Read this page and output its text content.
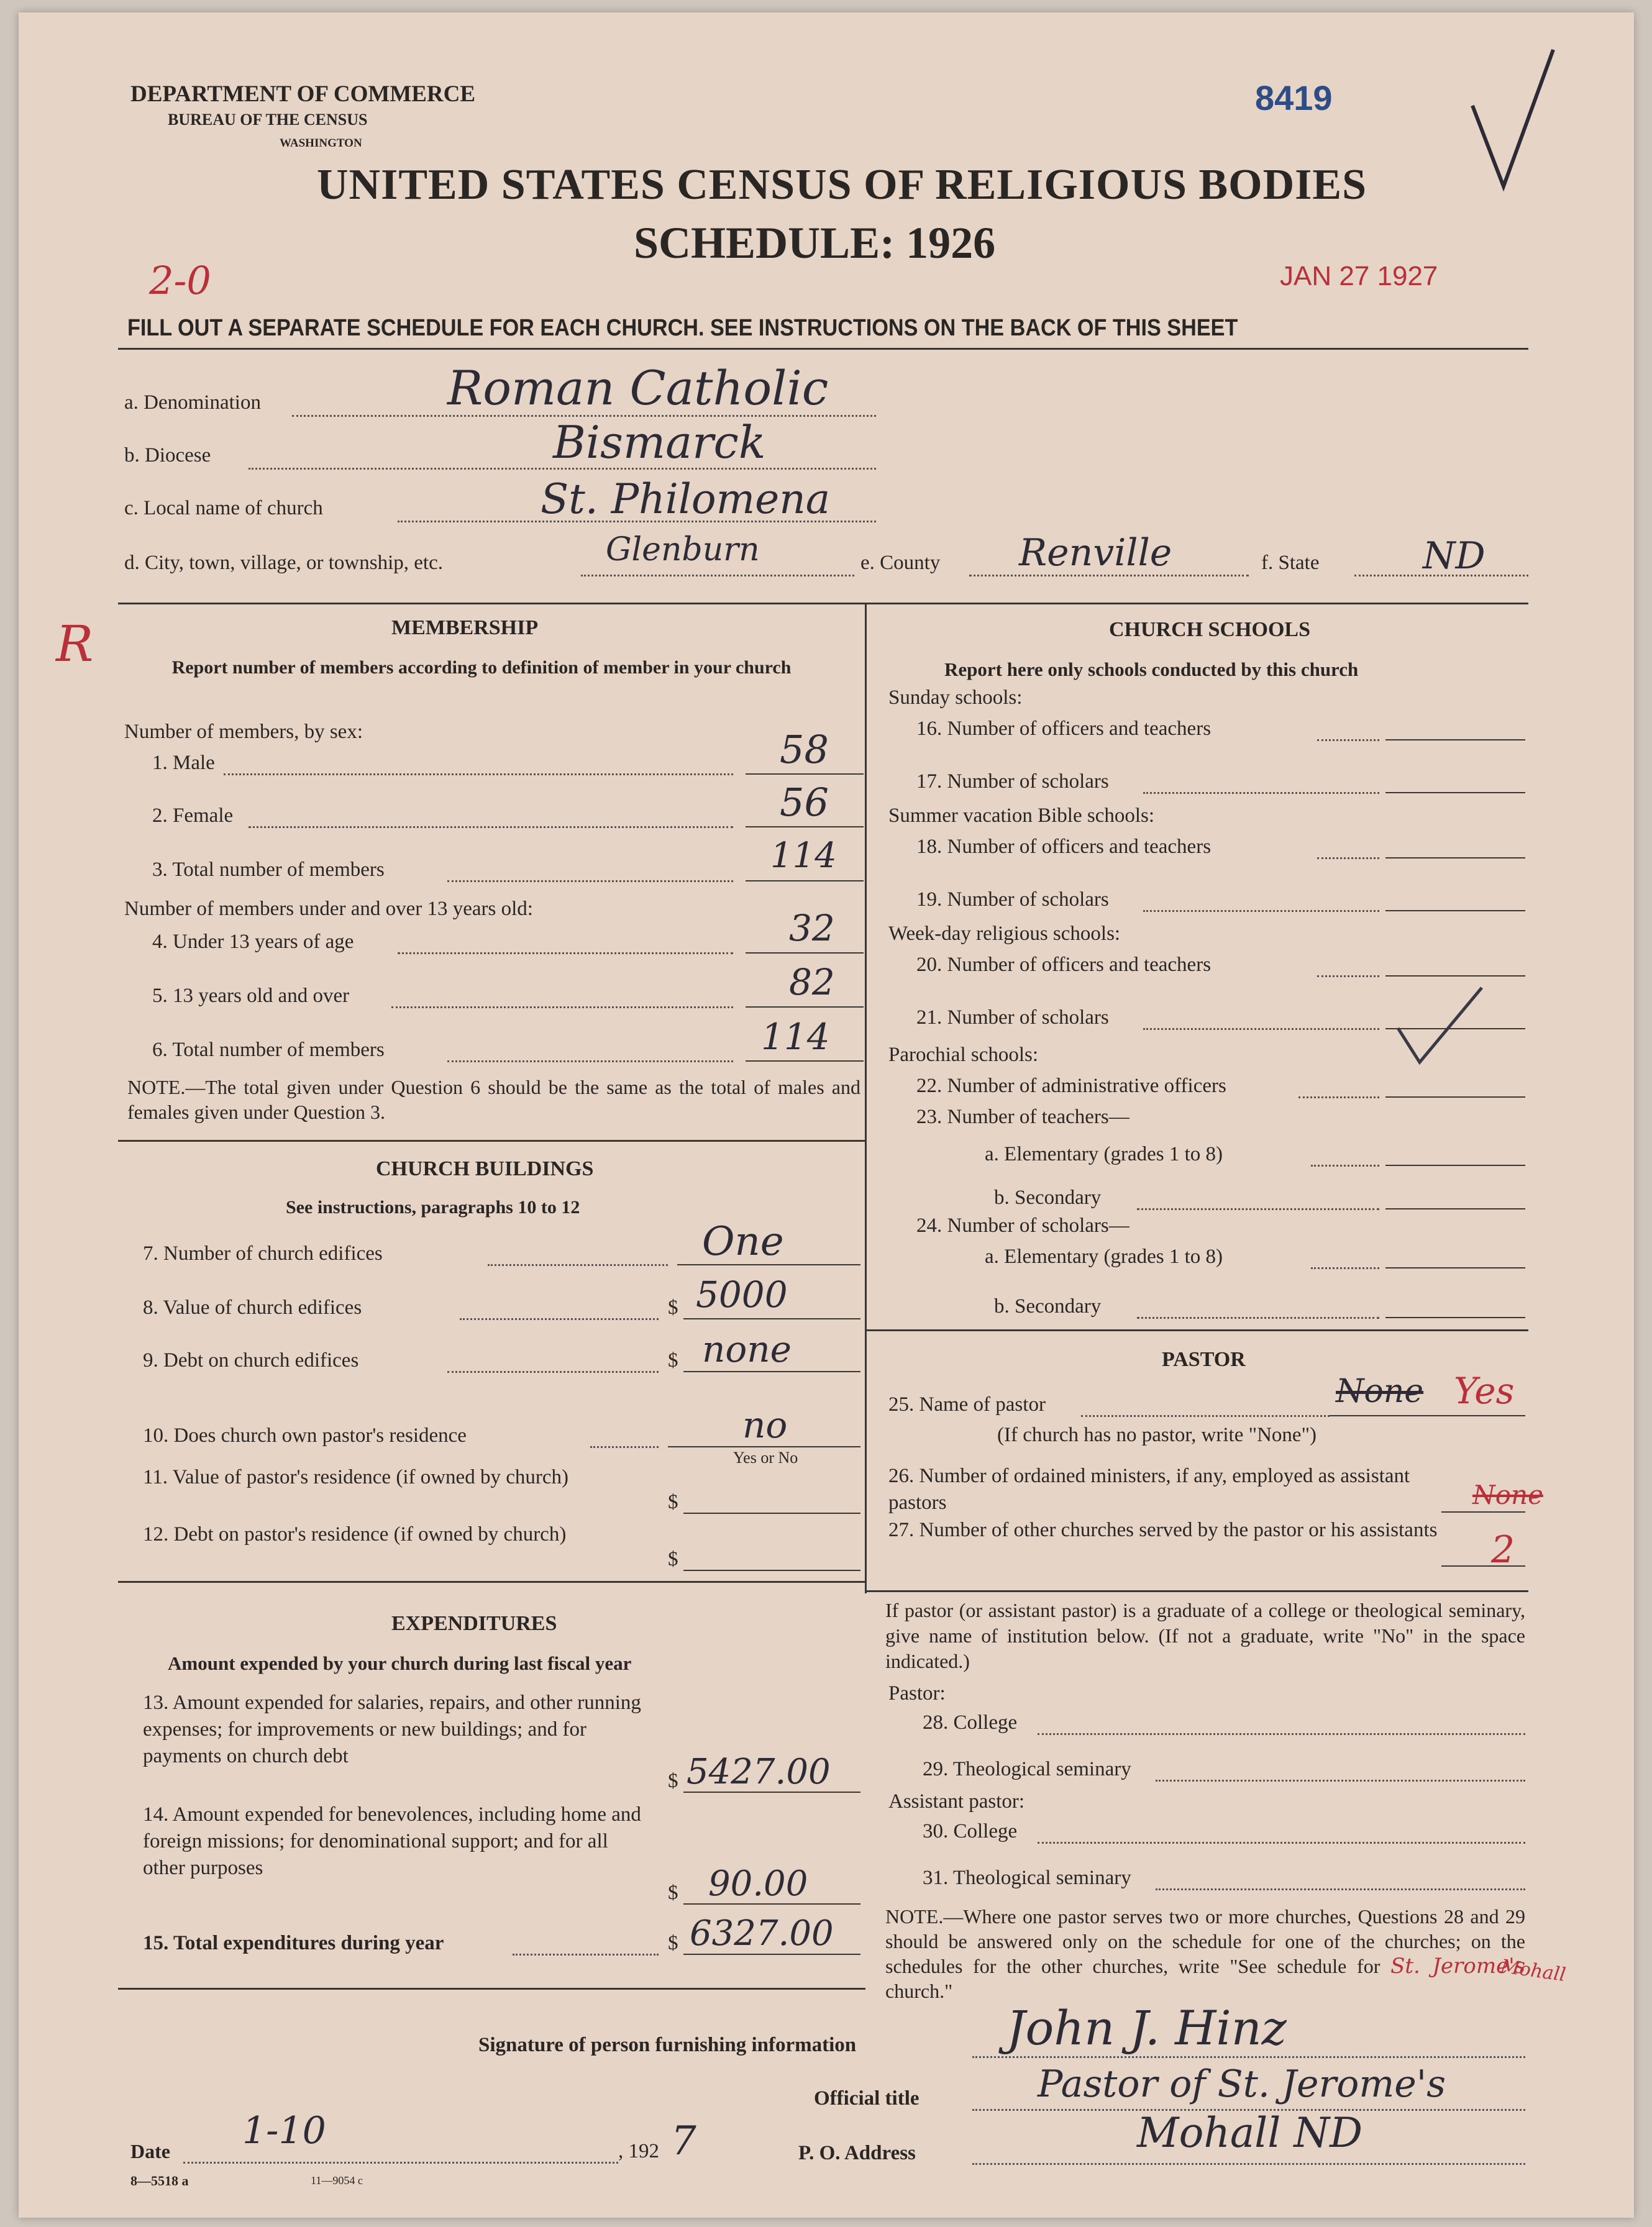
DEPARTMENT OF COMMERCE
BUREAU OF THE CENSUS
WASHINGTON
8419
UNITED STATES CENSUS OF RELIGIOUS BODIES
SCHEDULE: 1926
2-0	JAN 27 1927
FILL OUT A SEPARATE SCHEDULE FOR EACH CHURCH. SEE INSTRUCTIONS ON THE BACK OF THIS SHEET
a. Denomination	Roman Catholic
b. Diocese	Bismarck
c. Local name of church	St. Philomena
d. City, town, village, or township, etc.	Glenburn	e. County Renville	f. State	ND
R	MEMBERSHIP
Report number of members according to definition of member in your church
Number of members, by sex:
1. Male	58
2. Female	56
3. Total number of members	114
Number of members under and over 13 years old:
4. Under 13 years of age	32
5. 13 years old and over	82
6. Total number of members	114
NOTE.—The total given under Question 6 should be the same as the total of males and females given under Question 3.
CHURCH BUILDINGS
See instructions, paragraphs 10 to 12
7. Number of church edifices	One
8. Value of church edifices	$ 5000
9. Debt on church edifices	$ none
10. Does church own pastor's residence	no
Yes or No
11. Value of pastor's residence (if owned by church)
$
12. Debt on pastor's residence (if owned by church)
$
EXPENDITURES
Amount expended by your church during last fiscal year
13. Amount expended for salaries, repairs, and other running expenses; for improvements or new buildings; and for payments on church debt
$ 5427.00
14. Amount expended for benevolences, including home and foreign missions; for denominational support; and for all other purposes
$ 90.00
15. Total expenditures during year	$ 6327.00
CHURCH SCHOOLS
Report here only schools conducted by this church
Sunday schools:
16. Number of officers and teachers
17. Number of scholars
Summer vacation Bible schools:
18. Number of officers and teachers
19. Number of scholars
Week-day religious schools:
20. Number of officers and teachers
21. Number of scholars
Parochial schools:
22. Number of administrative officers
23. Number of teachers—
a. Elementary (grades 1 to 8)
b. Secondary
24. Number of scholars—
a. Elementary (grades 1 to 8)
b. Secondary
PASTOR
25. Name of pastor	None Yes
(If church has no pastor, write "None")
26. Number of ordained ministers, if any, employed as assistant pastors	None
27. Number of other churches served by the pastor or his assistants 2
If pastor (or assistant pastor) is a graduate of a college or theological seminary, give name of institution below. (If not a graduate, write "No" in the space indicated.)
Pastor:
28. College
29. Theological seminary
Assistant pastor:
30. College
31. Theological seminary
NOTE.—Where one pastor serves two or more churches, Questions 28 and 29 should be answered only on the schedule for one of the churches; on the schedules for the other churches, write "See schedule for St. Jerome's church."
Mohall
Signature of person furnishing information	John J. Hinz
Official title	Pastor of St. Jerome's
Date 1-10	, 192 7	P. O. Address	Mohall ND
8—5518 a	11—9054 c
